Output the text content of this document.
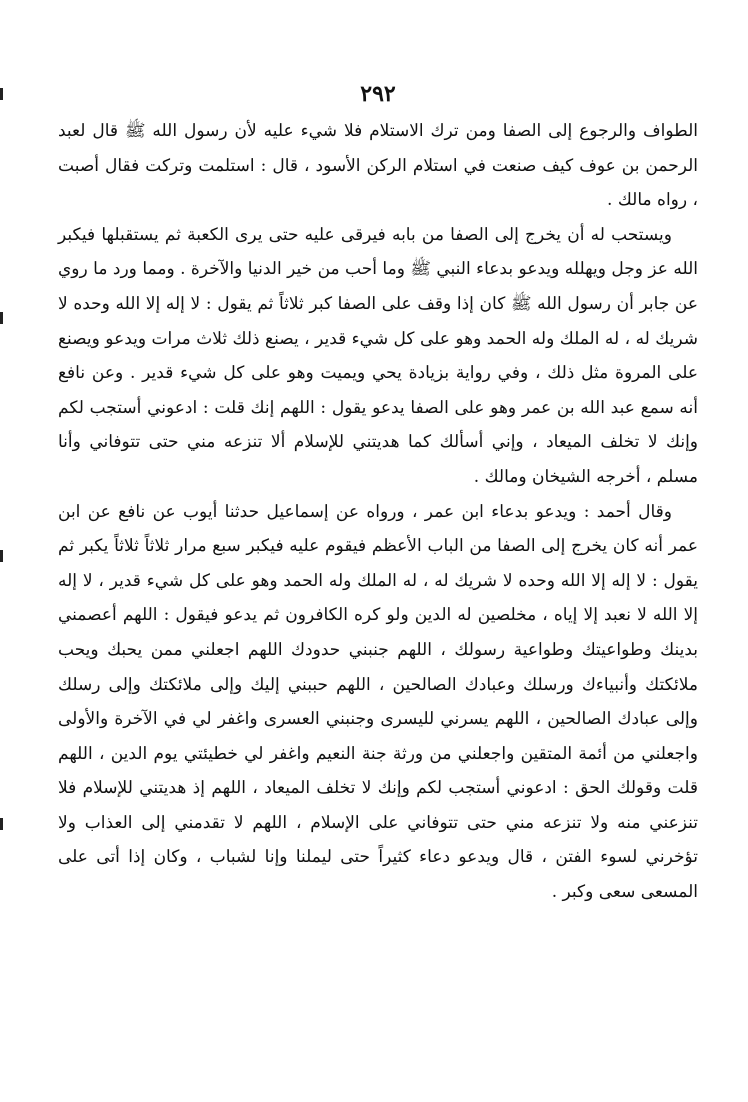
٢٩٢

الطواف والرجوع إلى الصفا ومن ترك الاستلام فلا شيء عليه لأن رسول الله ﷺ قال لعبد الرحمن بن عوف كيف صنعت في استلام الركن الأسود ، قال : استلمت وتركت فقال أصبت ، رواه مالك .

ويستحب له أن يخرج إلى الصفا من بابه فيرقى عليه حتى يرى الكعبة ثم يستقبلها فيكبر الله عز وجل ويهلله ويدعو بدعاء النبي ﷺ وما أحب من خير الدنيا والآخرة . ومما ورد ما روي عن جابر أن رسول الله ﷺ كان إذا وقف على الصفا كبر ثلاثاً ثم يقول : لا إله إلا الله وحده لا شريك له ، له الملك وله الحمد وهو على كل شيء قدير ، يصنع ذلك ثلاث مرات ويدعو ويصنع على المروة مثل ذلك ، وفي رواية بزيادة يحي ويميت وهو على كل شيء قدير . وعن نافع أنه سمع عبد الله بن عمر وهو على الصفا يدعو يقول : اللهم إنك قلت : ادعوني أستجب لكم وإنك لا تخلف الميعاد ، وإني أسألك كما هديتني للإسلام ألا تنزعه مني حتى تتوفاني وأنا مسلم ، أخرجه الشيخان ومالك .

وقال أحمد : ويدعو بدعاء ابن عمر ، ورواه عن إسماعيل حدثنا أيوب عن نافع عن ابن عمر أنه كان يخرج إلى الصفا من الباب الأعظم فيقوم عليه فيكبر سبع مرار ثلاثاً ثلاثاً يكبر ثم يقول : لا إله إلا الله وحده لا شريك له ، له الملك وله الحمد وهو على كل شيء قدير ، لا إله إلا الله لا نعبد إلا إياه ، مخلصين له الدين ولو كره الكافرون ثم يدعو فيقول : اللهم أعصمني بدينك وطواعيتك وطواعية رسولك ، اللهم جنبني حدودك اللهم اجعلني ممن يحبك ويحب ملائكتك وأنبياءك ورسلك وعبادك الصالحين ، اللهم حببني إليك وإلى ملائكتك وإلى رسلك وإلى عبادك الصالحين ، اللهم يسرني لليسرى وجنبني العسرى واغفر لي في الآخرة والأولى واجعلني من أئمة المتقين واجعلني من ورثة جنة النعيم واغفر لي خطيئتي يوم الدين ، اللهم قلت وقولك الحق : ادعوني أستجب لكم وإنك لا تخلف الميعاد ، اللهم إذ هديتني للإسلام فلا تنزعني منه ولا تنزعه مني حتى تتوفاني على الإسلام ، اللهم لا تقدمني إلى العذاب ولا تؤخرني لسوء الفتن ، قال ويدعو دعاء كثيراً حتى ليملنا وإنا لشباب ، وكان إذا أتى على المسعى سعى وكبر .
